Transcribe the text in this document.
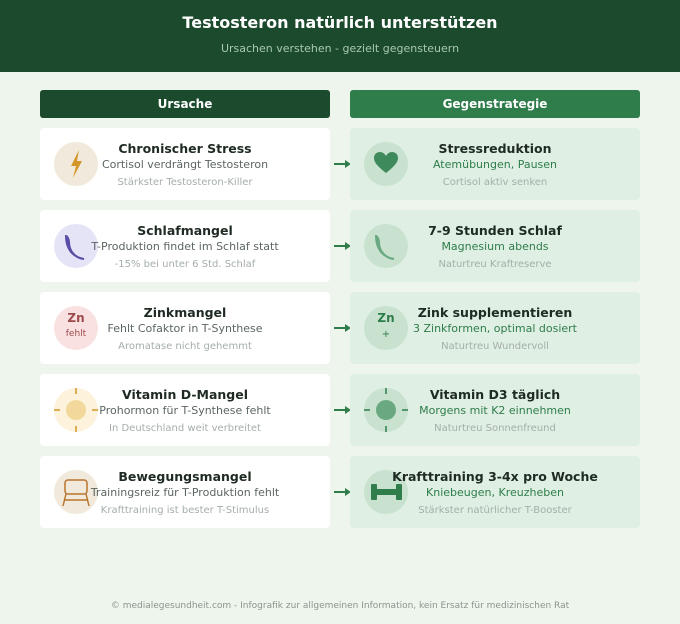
Testosteron natürlich unterstützen
Ursachen verstehen - gezielt gegensteuern
Ursache	Gegenstrategie
Chronischer Stress
Cortisol verdrängt Testosteron
Stärkster Testosteron-Killer
Stressreduktion
Atemübungen, Pausen
Cortisol aktiv senken
Schlafmangel
T-Produktion findet im Schlaf statt
-15% bei unter 6 Std. Schlaf
7-9 Stunden Schlaf
Magnesium abends
Naturtreu Kraftreserve
Zn
fehlt
Zinkmangel
Fehlt Cofaktor in T-Synthese
Aromatase nicht gehemmt
Zn
+
Zink supplementieren
3 Zinkformen, optimal dosiert
Naturtreu Wundervoll
Vitamin D-Mangel
Prohormon für T-Synthese fehlt
In Deutschland weit verbreitet
Vitamin D3 täglich
Morgens mit K2 einnehmen
Naturtreu Sonnenfreund
Bewegungsmangel
Trainingsreiz für T-Produktion fehlt
Krafttraining ist bester T-Stimulus
Krafttraining 3-4x pro Woche
Kniebeugen, Kreuzheben
Stärkster natürlicher T-Booster
© medialegesundheit.com - Infografik zur allgemeinen Information, kein Ersatz für medizinischen Rat
